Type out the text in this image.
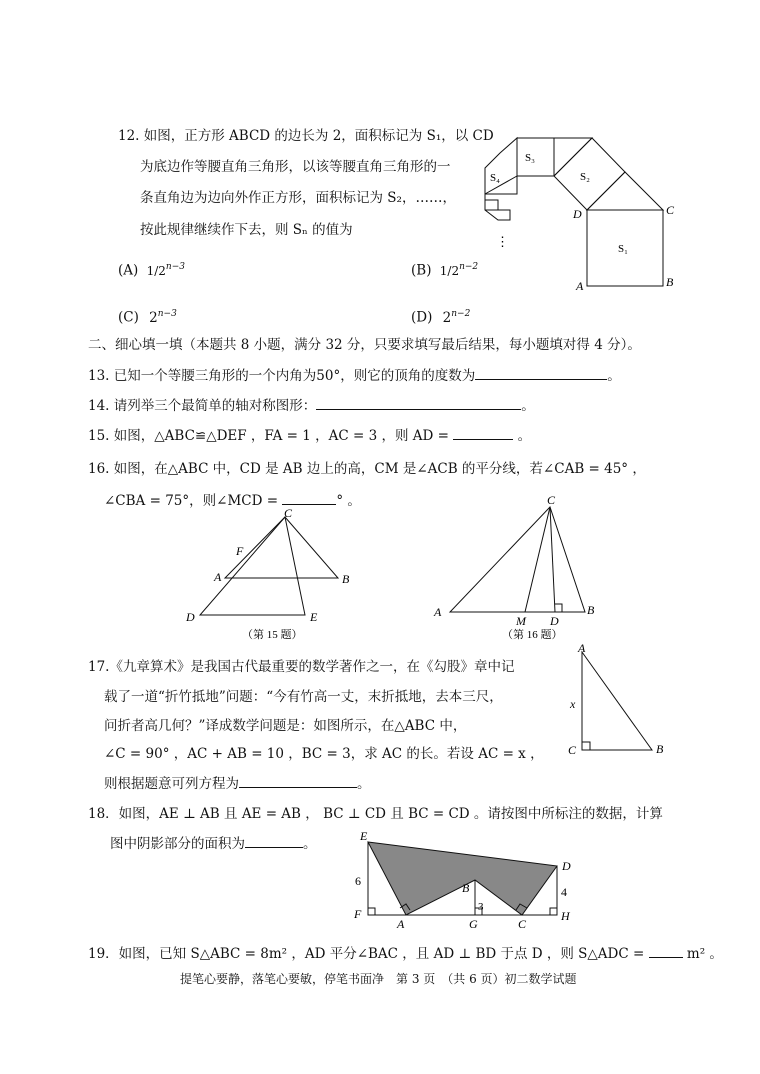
12. 如图，正方形 ABCD 的边长为 2，面积标记为 S₁，以 CD
为底边作等腰直角三角形，以该等腰直角三角形的一
条直角边为边向外作正方形，面积标记为 S₂，……，
按此规律继续作下去，则 Sₙ 的值为
(A) $1/2^{n-3}$	(B) $1/2^{n-2}$
(C) $2^{n-3}$	(D) $2^{n-2}$
S₃
S₂
S₄
S₁
D	C
A	B
⋮
二、细心填一填（本题共 8 小题，满分 32 分，只要求填写最后结果，每小题填对得 4 分）。
13. 已知一个等腰三角形的一个内角为50°，则它的顶角的度数为	。
14. 请列举三个最简单的轴对称图形：	。
15. 如图，△ABC≌△DEF ，FA = 1 ，AC = 3 ，则 AD =	。
16. 如图，在△ABC 中，CD 是 AB 边上的高，CM 是∠ACB 的平分线，若∠CAB = 45° ，
∠CBA = 75°，则∠MCD =	° 。
C
F
A	B
D	E
（第 15 题）
C
A	B
M D
（第 16 题）
17.《九章算术》是我国古代最重要的数学著作之一，在《勾股》章中记
载了一道“折竹抵地”问题：“今有竹高一丈，末折抵地，去本三尺，
问折者高几何？”译成数学问题是：如图所示，在△ABC 中，
∠C = 90° ，AC + AB = 10 ，BC = 3，求 AC 的长。若设 AC = x ，
则根据题意可列方程为	。
A
x
C	B
18．如图，AE ⊥ AB 且 AE = AB ， BC ⊥ CD 且 BC = CD 。请按图中所标注的数据，计算
图中阴影部分的面积为	。	E
D
B
F
A	G	C
H
6
3
4
19．如图，已知 S△ABC = 8m² ，AD 平分∠BAC ，且 AD ⊥ BD 于点 D ，则 S△ADC =	m² 。
提笔心要静，落笔心要敏，停笔书面净　第 3 页　（共 6 页）初二数学试题
